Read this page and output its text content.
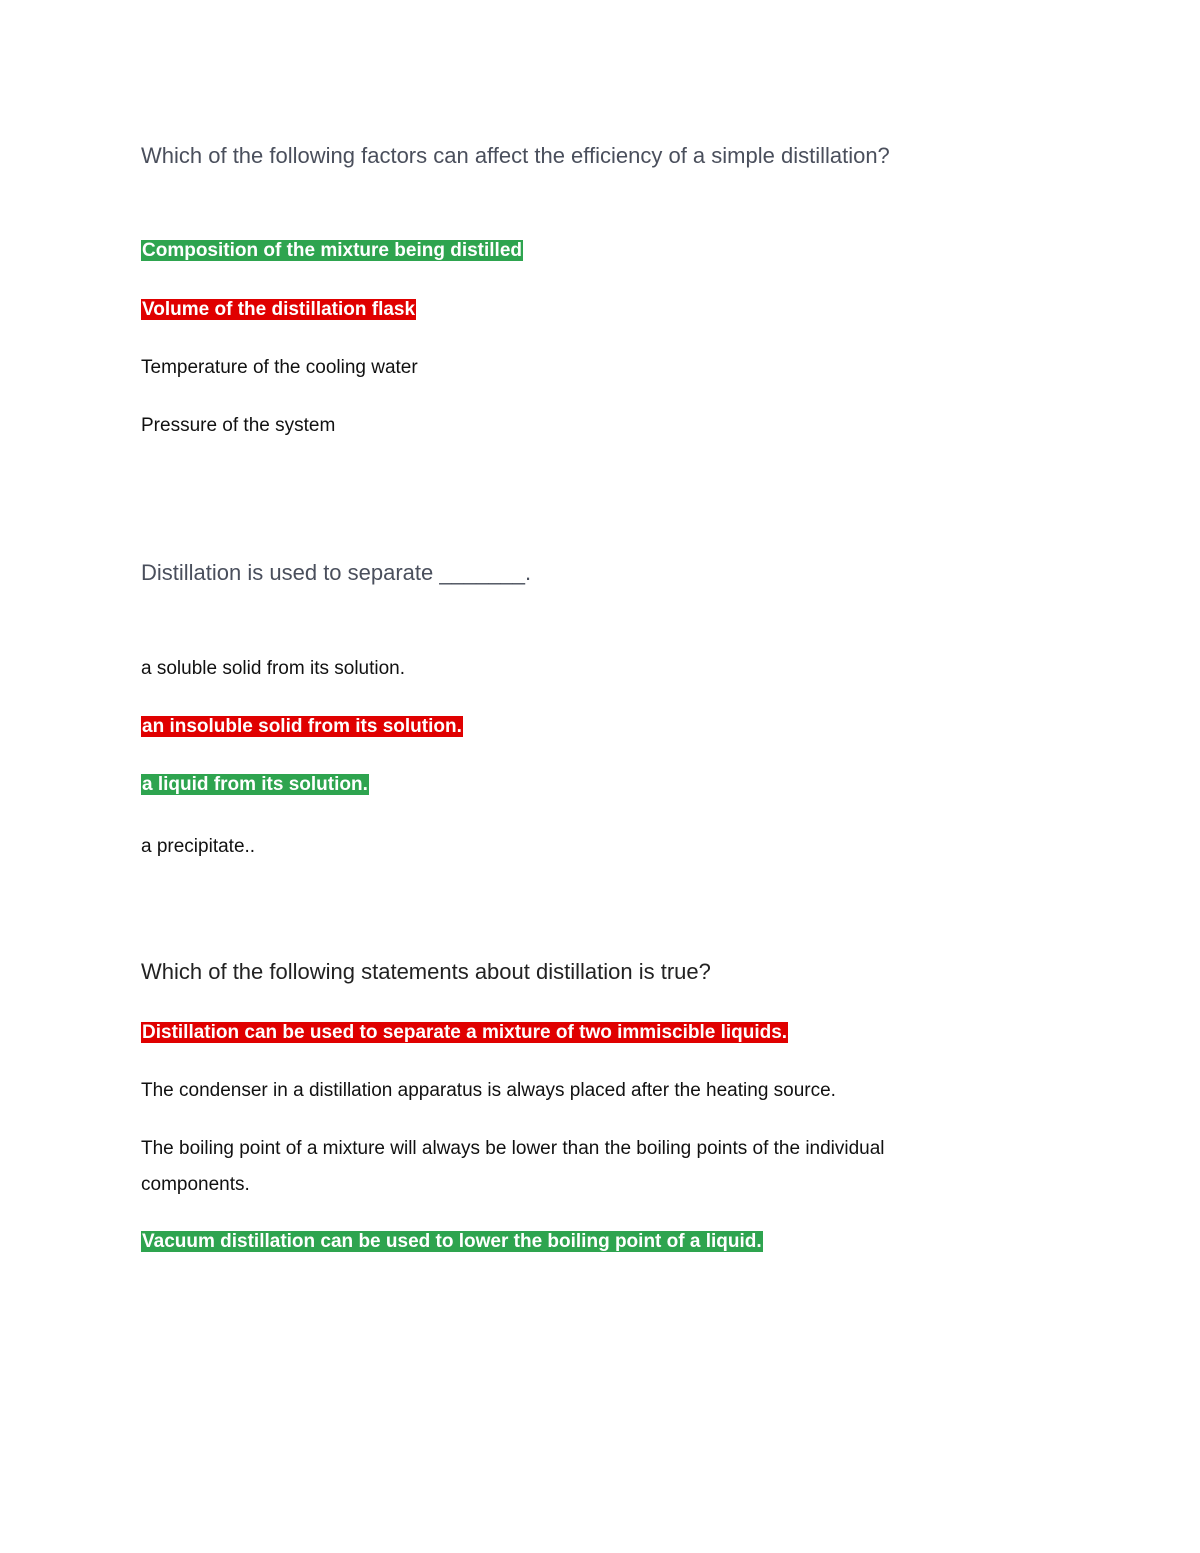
Which of the following factors can affect the efficiency of a simple distillation?

Composition of the mixture being distilled

Volume of the distillation flask

Temperature of the cooling water

Pressure of the system

Distillation is used to separate _______.

a soluble solid from its solution.

an insoluble solid from its solution.

a liquid from its solution.

a precipitate..

Which of the following statements about distillation is true?

Distillation can be used to separate a mixture of two immiscible liquids.

The condenser in a distillation apparatus is always placed after the heating source.

The boiling point of a mixture will always be lower than the boiling points of the individual components.

Vacuum distillation can be used to lower the boiling point of a liquid.
